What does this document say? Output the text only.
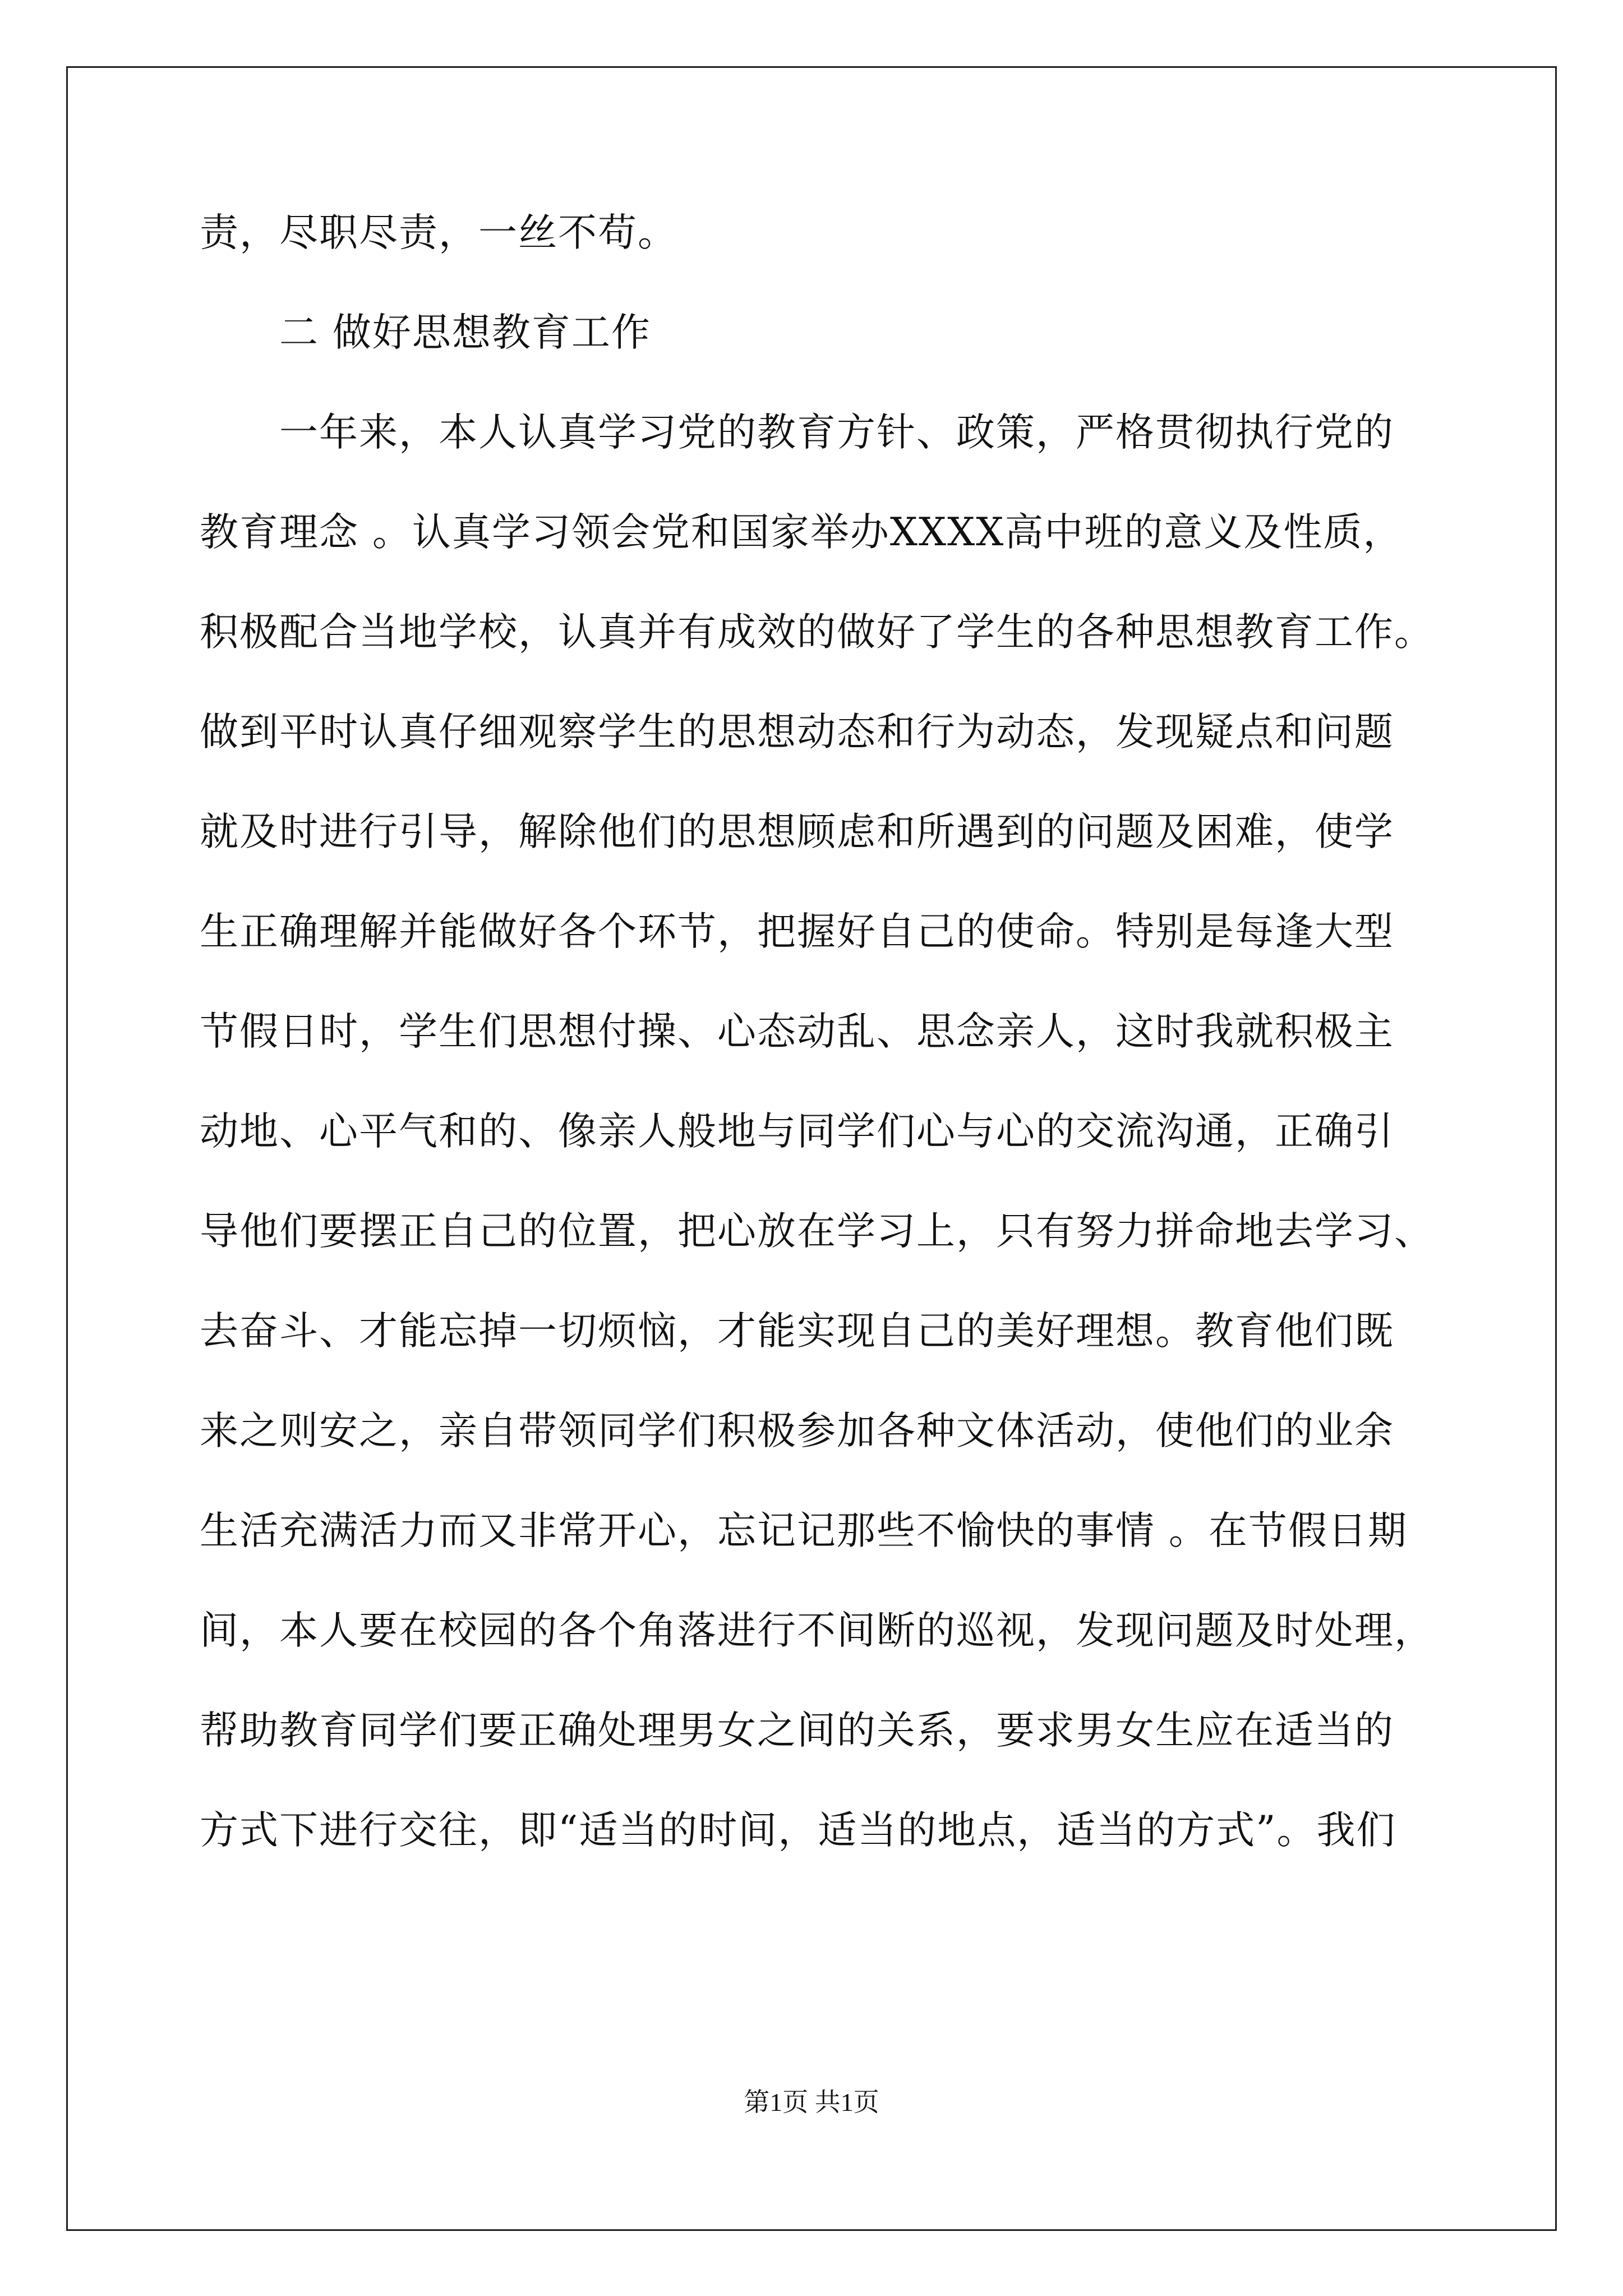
责，尽职尽责，一丝不苟。
　　二 做好思想教育工作
　　一年来，本人认真学习党的教育方针、政策，严格贯彻执行党的
教育理念 。认真学习领会党和国家举办XXXX高中班的意义及性质，
积极配合当地学校，认真并有成效的做好了学生的各种思想教育工作。
做到平时认真仔细观察学生的思想动态和行为动态，发现疑点和问题
就及时进行引导，解除他们的思想顾虑和所遇到的问题及困难，使学
生正确理解并能做好各个环节，把握好自己的使命。特别是每逢大型
节假日时，学生们思想付操、心态动乱、思念亲人，这时我就积极主
动地、心平气和的、像亲人般地与同学们心与心的交流沟通，正确引
导他们要摆正自己的位置，把心放在学习上，只有努力拼命地去学习、
去奋斗、才能忘掉一切烦恼，才能实现自己的美好理想。教育他们既
来之则安之，亲自带领同学们积极参加各种文体活动，使他们的业余
生活充满活力而又非常开心，忘记记那些不愉快的事情 。在节假日期
间，本人要在校园的各个角落进行不间断的巡视，发现问题及时处理，
帮助教育同学们要正确处理男女之间的关系，要求男女生应在适当的
方式下进行交往，即“适当的时间，适当的地点，适当的方式”。我们
第1页 共1页
